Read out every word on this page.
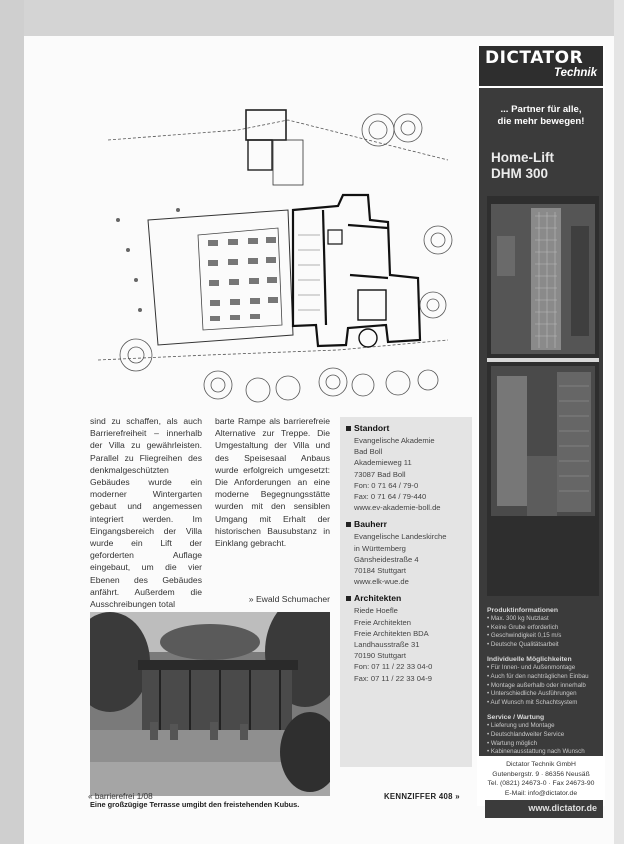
sind zu schaffen, als auch Barrierefreiheit – innerhalb der Villa zu gewährleisten. Parallel zu Fliegreihen des denkmalgeschützten Gebäudes wurde ein moderner Wintergarten gebaut und angemessen integriert werden. Im Eingangsbereich der Villa wurde ein Lift der geforderten Auflage eingebaut, um die vier Ebenen des Gebäudes anfährt. Außerdem die Ausschreibungen total
barte Rampe als barrierefreie Alternative zur Treppe. Die Umgestaltung der Villa und des Speisesaal Anbaus wurde erfolgreich umgesetzt: Die Anforderungen an eine moderne Begegnungsstätte wurden mit den sensiblen Umgang mit Erhalt der historischen Bausubstanz in Einklang gebracht.
» Ewald Schumacher
Standort
Evangelische Akademie
Bad Boll
Akademieweg 11
73087 Bad Boll
Fon: 0 71 64 / 79-0
Fax: 0 71 64 / 79-440
www.ev-akademie-boll.de
Bauherr
Evangelische Landeskirche
in Württemberg
Gänsheidestraße 4
70184 Stuttgart
www.elk-wue.de
Architekten
Riede Hoefle
Freie Architekten
Freie Architekten BDA
Landhausstraße 31
70190 Stuttgart
Fon: 07 11 / 22 33 04-0
Fax: 07 11 / 22 33 04-9
Eine großzügige Terrasse umgibt den freistehenden Kubus.
« barrierefrei 1/08	KENNZIFFER 408 »
DICTATOR
Technik
... Partner für alle,
die mehr bewegen!
Home-Lift
DHM 300
Produktinformationen
• Max. 300 kg Nutzlast
• Keine Grube erforderlich
• Geschwindigkeit 0,15 m/s
• Deutsche Qualitätsarbeit
Individuelle Möglichkeiten
• Für Innen- und Außenmontage
• Auch für den nachträglichen Einbau
• Montage außerhalb oder innerhalb
• Unterschiedliche Ausführungen
• Auf Wunsch mit Schachtsystem
Service / Wartung
• Lieferung und Montage
• Deutschlandweiter Service
• Wartung möglich
• Kabinenausstattung nach Wunsch
Dictator Technik GmbH
Gutenbergstr. 9 · 86356 Neusäß
Tel. (0821) 24673-0 · Fax 24673-90
E-Mail: info@dictator.de
www.dictator.de
